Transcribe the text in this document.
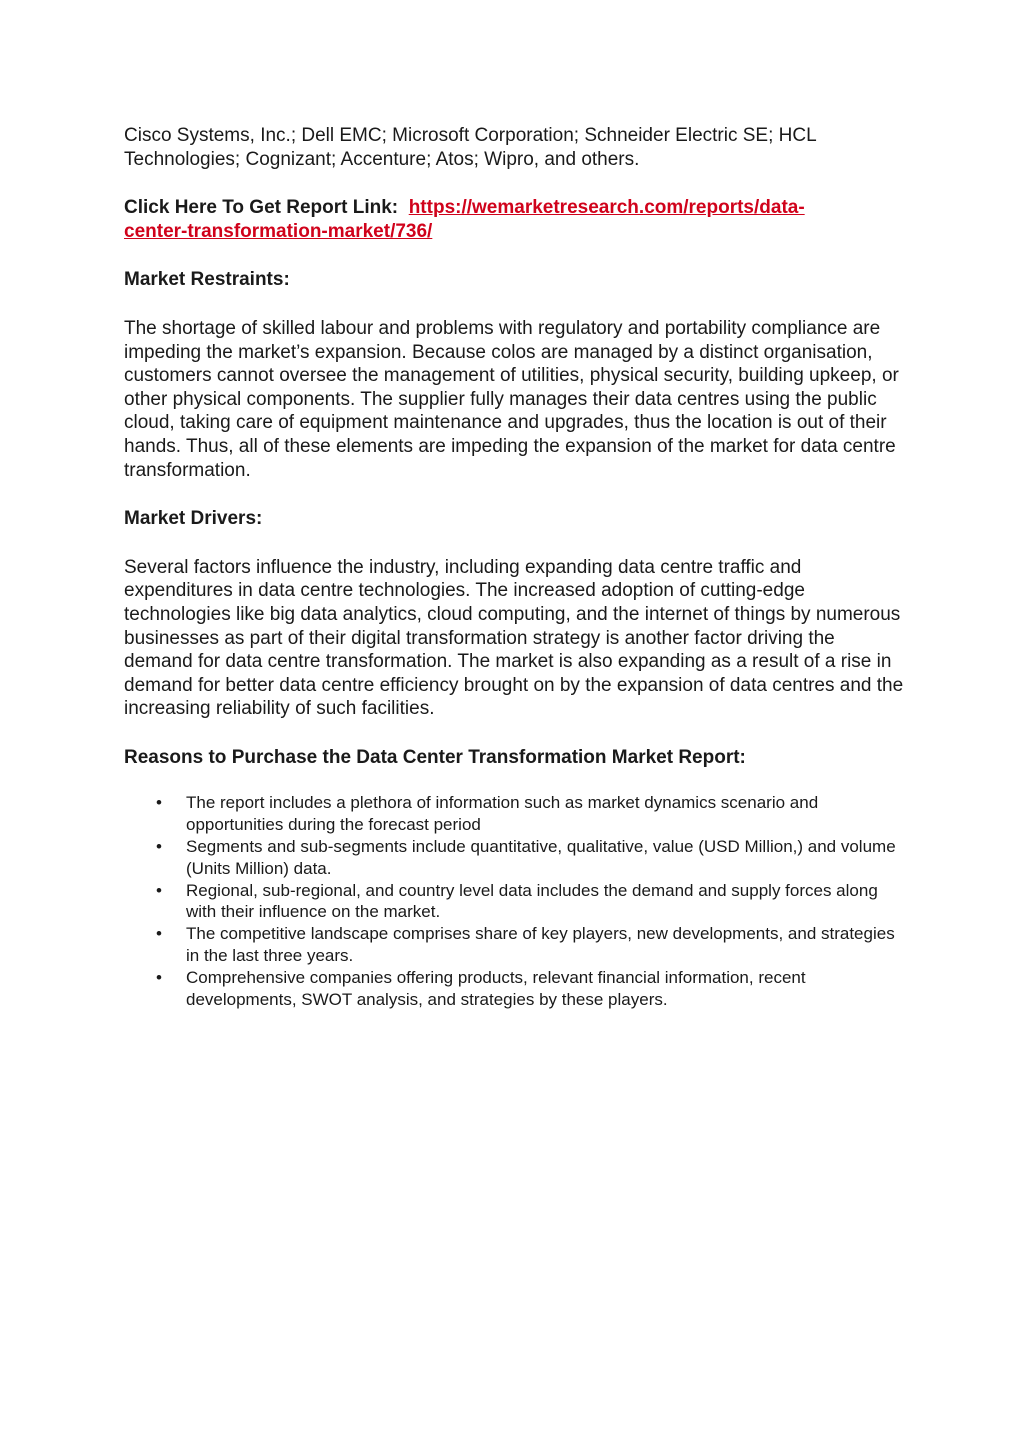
Cisco Systems, Inc.; Dell EMC; Microsoft Corporation; Schneider Electric SE; HCL Technologies; Cognizant; Accenture; Atos; Wipro, and others.

Click Here To Get Report Link: https://wemarketresearch.com/reports/data-
center-transformation-market/736/

Market Restraints:

The shortage of skilled labour and problems with regulatory and portability compliance are impeding the market’s expansion. Because colos are managed by a distinct organisation, customers cannot oversee the management of utilities, physical security, building upkeep, or other physical components. The supplier fully manages their data centres using the public cloud, taking care of equipment maintenance and upgrades, thus the location is out of their hands. Thus, all of these elements are impeding the expansion of the market for data centre transformation.

Market Drivers:

Several factors influence the industry, including expanding data centre traffic and expenditures in data centre technologies. The increased adoption of cutting-edge technologies like big data analytics, cloud computing, and the internet of things by numerous businesses as part of their digital transformation strategy is another factor driving the demand for data centre transformation. The market is also expanding as a result of a rise in demand for better data centre efficiency brought on by the expansion of data centres and the increasing reliability of such facilities.

Reasons to Purchase the Data Center Transformation Market Report:

• The report includes a plethora of information such as market dynamics scenario and opportunities during the forecast period
• Segments and sub-segments include quantitative, qualitative, value (USD Million,) and volume (Units Million) data.
• Regional, sub-regional, and country level data includes the demand and supply forces along with their influence on the market.
• The competitive landscape comprises share of key players, new developments, and strategies in the last three years.
• Comprehensive companies offering products, relevant financial information, recent developments, SWOT analysis, and strategies by these players.
